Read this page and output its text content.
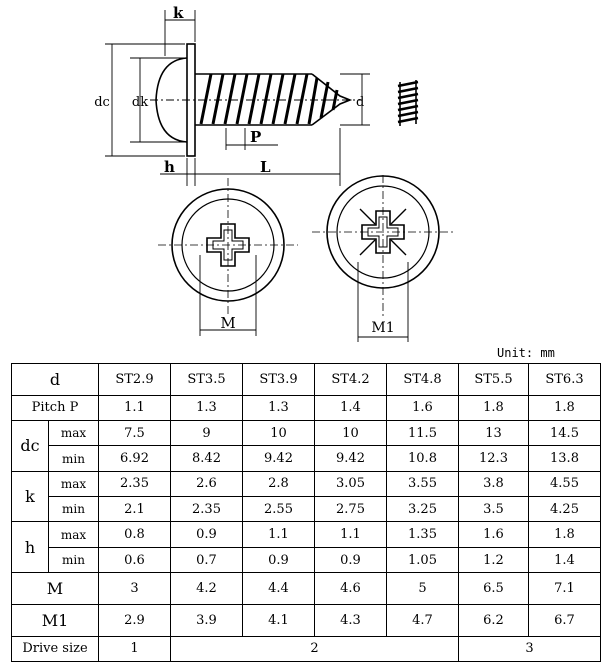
k
dc dk	d
P
h	L
M	M1
Unit: mm
d		ST2.9	ST3.5	ST3.9	ST4.2	ST4.8	ST5.5	ST6.3
Pitch P		1.1	1.3	1.3	1.4	1.6	1.8	1.8
dc	max	7.5	9	10	10	11.5	13	14.5
	min	6.92	8.42	9.42	9.42	10.8	12.3	13.8
k	max	2.35	2.6	2.8	3.05	3.55	3.8	4.55
	min	2.1	2.35	2.55	2.75	3.25	3.5	4.25
h	max	0.8	0.9	1.1	1.1	1.35	1.6	1.8
	min	0.6	0.7	0.9	0.9	1.05	1.2	1.4
M		3	4.2	4.4	4.6	5	6.5	7.1
M1		2.9	3.9	4.1	4.3	4.7	6.2	6.7
Drive size		1	2				3	
